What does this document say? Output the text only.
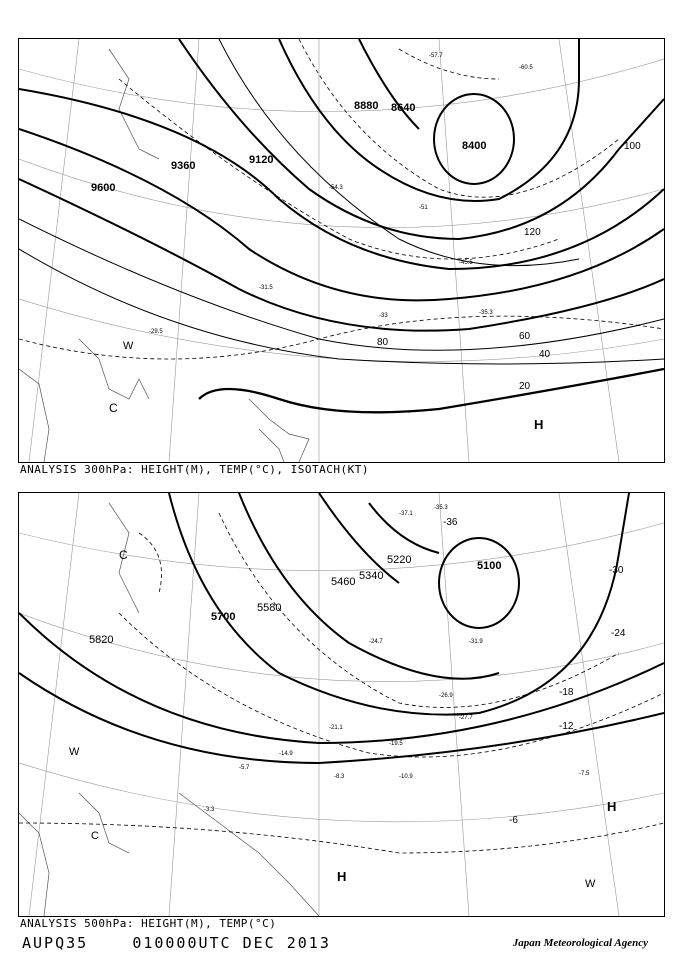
9600
9360	9120
8880 8640
8400
20
40
60
80
100
120
-29.5
-31.5
-33	-35.3
-45.5
-51
-54.3
-57.7
-60.5
H
W
C
ANALYSIS 300hPa: HEIGHT(M), TEMP(°C), ISOTACH(KT)
5820
5700
5580
5460 5340
5220	5100
-6
-12
-18
-24
-30
-36
-3.3
-5.7
-8.3	-10.9
-14.9
-19.5
-21.1
-24.7
-26.9
-27.7
-31.9
-35.3
-37.1
-7.5
H
H
W
W
C
C
ANALYSIS 500hPa: HEIGHT(M), TEMP(°C)
AUPQ35	010000UTC DEC 2013	Japan Meteorological Agency
